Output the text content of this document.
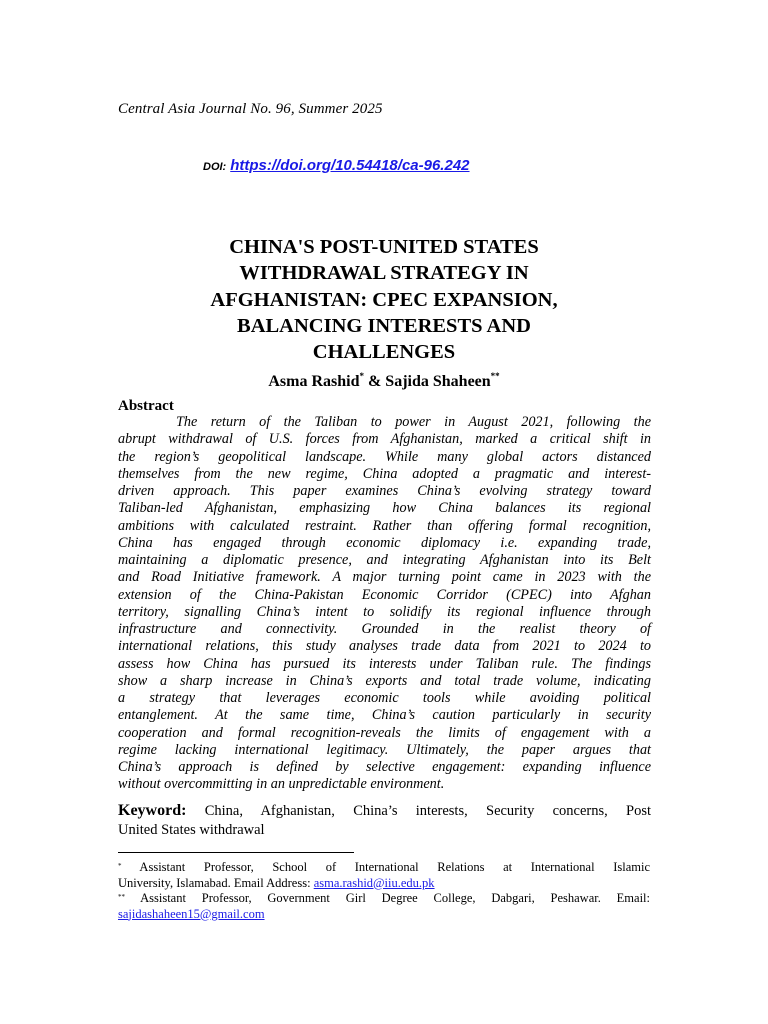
Central Asia Journal No. 96, Summer 2025
DOI: https://doi.org/10.54418/ca-96.242
CHINA'S POST-UNITED STATES
WITHDRAWAL STRATEGY IN
AFGHANISTAN: CPEC EXPANSION,
BALANCING INTERESTS AND
CHALLENGES
Asma Rashid* & Sajida Shaheen**
Abstract
The return of the Taliban to power in August 2021, following the
abrupt withdrawal of U.S. forces from Afghanistan, marked a critical shift in
the region’s geopolitical landscape. While many global actors distanced
themselves from the new regime, China adopted a pragmatic and interest-
driven approach. This paper examines China’s evolving strategy toward
Taliban-led Afghanistan, emphasizing how China balances its regional
ambitions with calculated restraint. Rather than offering formal recognition,
China has engaged through economic diplomacy i.e. expanding trade,
maintaining a diplomatic presence, and integrating Afghanistan into its Belt
and Road Initiative framework. A major turning point came in 2023 with the
extension of the China-Pakistan Economic Corridor (CPEC) into Afghan
territory, signalling China’s intent to solidify its regional influence through
infrastructure and connectivity. Grounded in the realist theory of
international relations, this study analyses trade data from 2021 to 2024 to
assess how China has pursued its interests under Taliban rule. The findings
show a sharp increase in China’s exports and total trade volume, indicating
a strategy that leverages economic tools while avoiding political
entanglement. At the same time, China’s caution particularly in security
cooperation and formal recognition-reveals the limits of engagement with a
regime lacking international legitimacy. Ultimately, the paper argues that
China’s approach is defined by selective engagement: expanding influence
without overcommitting in an unpredictable environment.
Keyword: China, Afghanistan, China’s interests, Security concerns, Post
United States withdrawal
* Assistant Professor, School of International Relations at International Islamic
University, Islamabad. Email Address: asma.rashid@iiu.edu.pk
** Assistant Professor, Government Girl Degree College, Dabgari, Peshawar. Email:
sajidashaheen15@gmail.com
